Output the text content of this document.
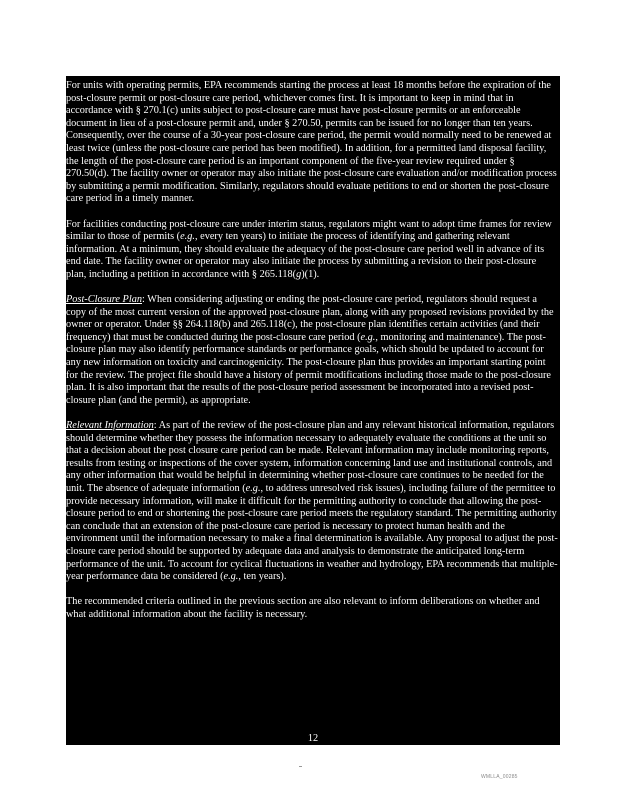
For units with operating permits, EPA recommends starting the process at least 18 months before the expiration of the post-closure permit or post-closure care period, whichever comes first. It is important to keep in mind that in accordance with § 270.1(c) units subject to post-closure care must have post-closure permits or an enforceable document in lieu of a post-closure permit and, under § 270.50, permits can be issued for no longer than ten years. Consequently, over the course of a 30-year post-closure care period, the permit would normally need to be renewed at least twice (unless the post-closure care period has been modified). In addition, for a permitted land disposal facility, the length of the post-closure care period is an important component of the five-year review required under § 270.50(d). The facility owner or operator may also initiate the post-closure care evaluation and/or modification process by submitting a permit modification. Similarly, regulators should evaluate petitions to end or shorten the post-closure care period in a timely manner.

For facilities conducting post-closure care under interim status, regulators might want to adopt time frames for review similar to those of permits (e.g., every ten years) to initiate the process of identifying and gathering relevant information. At a minimum, they should evaluate the adequacy of the post-closure care period well in advance of its end date. The facility owner or operator may also initiate the process by submitting a revision to their post-closure plan, including a petition in accordance with § 265.118(g)(1).

Post-Closure Plan: When considering adjusting or ending the post-closure care period, regulators should request a copy of the most current version of the approved post-closure plan, along with any proposed revisions provided by the owner or operator. Under §§ 264.118(b) and 265.118(c), the post-closure plan identifies certain activities (and their frequency) that must be conducted during the post-closure care period (e.g., monitoring and maintenance). The post-closure plan may also identify performance standards or performance goals, which should be updated to account for any new information on toxicity and carcinogenicity. The post-closure plan thus provides an important starting point for the review. The project file should have a history of permit modifications including those made to the post-closure plan. It is also important that the results of the post-closure period assessment be incorporated into a revised post-closure plan (and the permit), as appropriate.

Relevant Information: As part of the review of the post-closure plan and any relevant historical information, regulators should determine whether they possess the information necessary to adequately evaluate the conditions at the unit so that a decision about the post closure care period can be made. Relevant information may include monitoring reports, results from testing or inspections of the cover system, information concerning land use and institutional controls, and any other information that would be helpful in determining whether post-closure care continues to be needed for the unit. The absence of adequate information (e.g., to address unresolved risk issues), including failure of the permittee to provide necessary information, will make it difficult for the permitting authority to conclude that allowing the post-closure period to end or shortening the post-closure care period meets the regulatory standard. The permitting authority can conclude that an extension of the post-closure care period is necessary to protect human health and the environment until the information necessary to make a final determination is available. Any proposal to adjust the post-closure care period should be supported by adequate data and analysis to demonstrate the anticipated long-term performance of the unit. To account for cyclical fluctuations in weather and hydrology, EPA recommends that multiple-year performance data be considered (e.g., ten years).

The recommended criteria outlined in the previous section are also relevant to inform deliberations on whether and what additional information about the facility is necessary.

12
WMLLA_00285
